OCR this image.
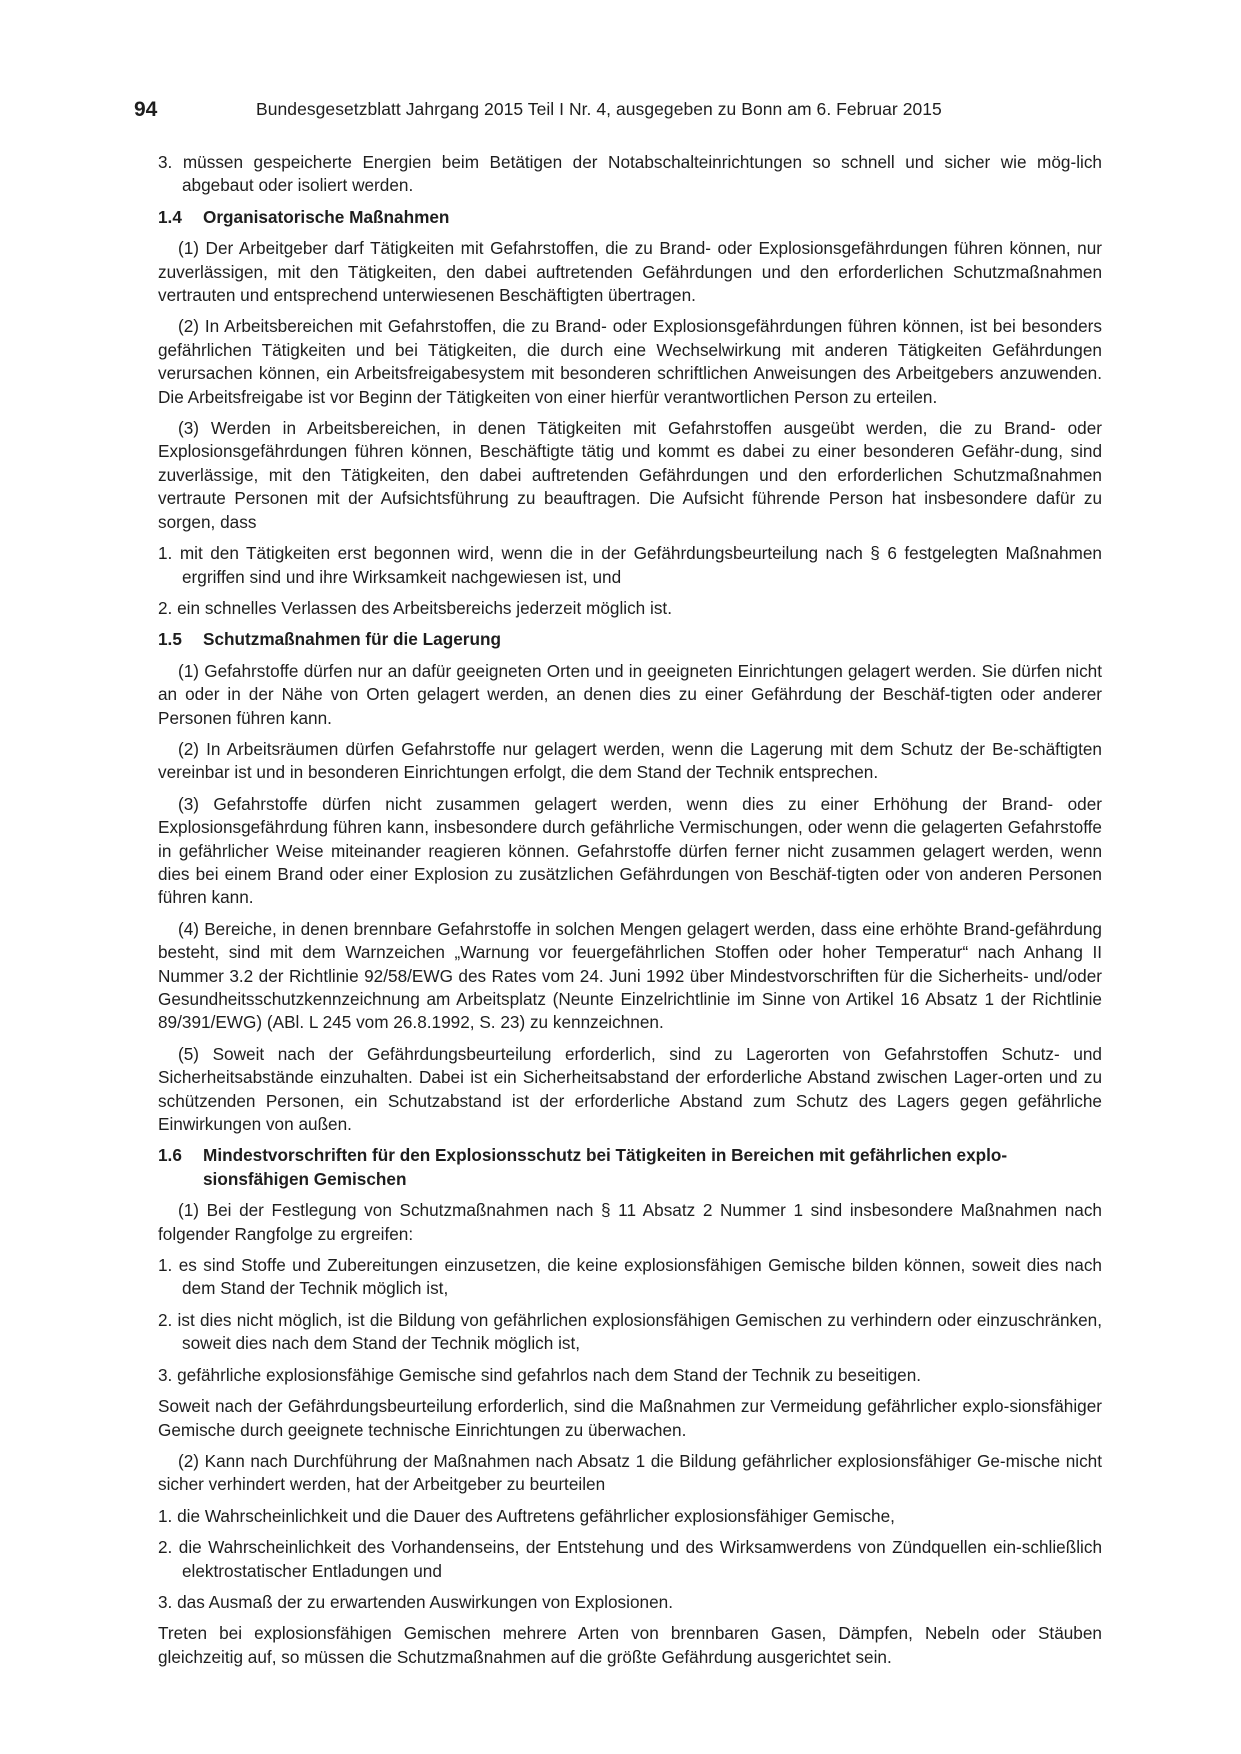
94	Bundesgesetzblatt Jahrgang 2015 Teil I Nr. 4, ausgegeben zu Bonn am 6. Februar 2015

3. müssen gespeicherte Energien beim Betätigen der Notabschalteinrichtungen so schnell und sicher wie mög-lich abgebaut oder isoliert werden.

1.4 Organisatorische Maßnahmen

(1) Der Arbeitgeber darf Tätigkeiten mit Gefahrstoffen, die zu Brand- oder Explosionsgefährdungen führen können, nur zuverlässigen, mit den Tätigkeiten, den dabei auftretenden Gefährdungen und den erforderlichen Schutzmaßnahmen vertrauten und entsprechend unterwiesenen Beschäftigten übertragen.

(2) In Arbeitsbereichen mit Gefahrstoffen, die zu Brand- oder Explosionsgefährdungen führen können, ist bei besonders gefährlichen Tätigkeiten und bei Tätigkeiten, die durch eine Wechselwirkung mit anderen Tätigkeiten Gefährdungen verursachen können, ein Arbeitsfreigabesystem mit besonderen schriftlichen Anweisungen des Arbeitgebers anzuwenden. Die Arbeitsfreigabe ist vor Beginn der Tätigkeiten von einer hierfür verantwortlichen Person zu erteilen.

(3) Werden in Arbeitsbereichen, in denen Tätigkeiten mit Gefahrstoffen ausgeübt werden, die zu Brand- oder Explosionsgefährdungen führen können, Beschäftigte tätig und kommt es dabei zu einer besonderen Gefähr-dung, sind zuverlässige, mit den Tätigkeiten, den dabei auftretenden Gefährdungen und den erforderlichen Schutzmaßnahmen vertraute Personen mit der Aufsichtsführung zu beauftragen. Die Aufsicht führende Person hat insbesondere dafür zu sorgen, dass

1. mit den Tätigkeiten erst begonnen wird, wenn die in der Gefährdungsbeurteilung nach § 6 festgelegten Maßnahmen ergriffen sind und ihre Wirksamkeit nachgewiesen ist, und

2. ein schnelles Verlassen des Arbeitsbereichs jederzeit möglich ist.

1.5 Schutzmaßnahmen für die Lagerung

(1) Gefahrstoffe dürfen nur an dafür geeigneten Orten und in geeigneten Einrichtungen gelagert werden. Sie dürfen nicht an oder in der Nähe von Orten gelagert werden, an denen dies zu einer Gefährdung der Beschäf-tigten oder anderer Personen führen kann.

(2) In Arbeitsräumen dürfen Gefahrstoffe nur gelagert werden, wenn die Lagerung mit dem Schutz der Be-schäftigten vereinbar ist und in besonderen Einrichtungen erfolgt, die dem Stand der Technik entsprechen.

(3) Gefahrstoffe dürfen nicht zusammen gelagert werden, wenn dies zu einer Erhöhung der Brand- oder Explosionsgefährdung führen kann, insbesondere durch gefährliche Vermischungen, oder wenn die gelagerten Gefahrstoffe in gefährlicher Weise miteinander reagieren können. Gefahrstoffe dürfen ferner nicht zusammen gelagert werden, wenn dies bei einem Brand oder einer Explosion zu zusätzlichen Gefährdungen von Beschäf-tigten oder von anderen Personen führen kann.

(4) Bereiche, in denen brennbare Gefahrstoffe in solchen Mengen gelagert werden, dass eine erhöhte Brand-gefährdung besteht, sind mit dem Warnzeichen „Warnung vor feuergefährlichen Stoffen oder hoher Temperatur“ nach Anhang II Nummer 3.2 der Richtlinie 92/58/EWG des Rates vom 24. Juni 1992 über Mindestvorschriften für die Sicherheits- und/oder Gesundheitsschutzkennzeichnung am Arbeitsplatz (Neunte Einzelrichtlinie im Sinne von Artikel 16 Absatz 1 der Richtlinie 89/391/EWG) (ABl. L 245 vom 26.8.1992, S. 23) zu kennzeichnen.

(5) Soweit nach der Gefährdungsbeurteilung erforderlich, sind zu Lagerorten von Gefahrstoffen Schutz- und Sicherheitsabstände einzuhalten. Dabei ist ein Sicherheitsabstand der erforderliche Abstand zwischen Lager-orten und zu schützenden Personen, ein Schutzabstand ist der erforderliche Abstand zum Schutz des Lagers gegen gefährliche Einwirkungen von außen.

1.6 Mindestvorschriften für den Explosionsschutz bei Tätigkeiten in Bereichen mit gefährlichen explo-sionsfähigen Gemischen

(1) Bei der Festlegung von Schutzmaßnahmen nach § 11 Absatz 2 Nummer 1 sind insbesondere Maßnahmen nach folgender Rangfolge zu ergreifen:

1. es sind Stoffe und Zubereitungen einzusetzen, die keine explosionsfähigen Gemische bilden können, soweit dies nach dem Stand der Technik möglich ist,

2. ist dies nicht möglich, ist die Bildung von gefährlichen explosionsfähigen Gemischen zu verhindern oder einzuschränken, soweit dies nach dem Stand der Technik möglich ist,

3. gefährliche explosionsfähige Gemische sind gefahrlos nach dem Stand der Technik zu beseitigen.

Soweit nach der Gefährdungsbeurteilung erforderlich, sind die Maßnahmen zur Vermeidung gefährlicher explo-sionsfähiger Gemische durch geeignete technische Einrichtungen zu überwachen.

(2) Kann nach Durchführung der Maßnahmen nach Absatz 1 die Bildung gefährlicher explosionsfähiger Ge-mische nicht sicher verhindert werden, hat der Arbeitgeber zu beurteilen

1. die Wahrscheinlichkeit und die Dauer des Auftretens gefährlicher explosionsfähiger Gemische,

2. die Wahrscheinlichkeit des Vorhandenseins, der Entstehung und des Wirksamwerdens von Zündquellen ein-schließlich elektrostatischer Entladungen und

3. das Ausmaß der zu erwartenden Auswirkungen von Explosionen.

Treten bei explosionsfähigen Gemischen mehrere Arten von brennbaren Gasen, Dämpfen, Nebeln oder Stäuben gleichzeitig auf, so müssen die Schutzmaßnahmen auf die größte Gefährdung ausgerichtet sein.
